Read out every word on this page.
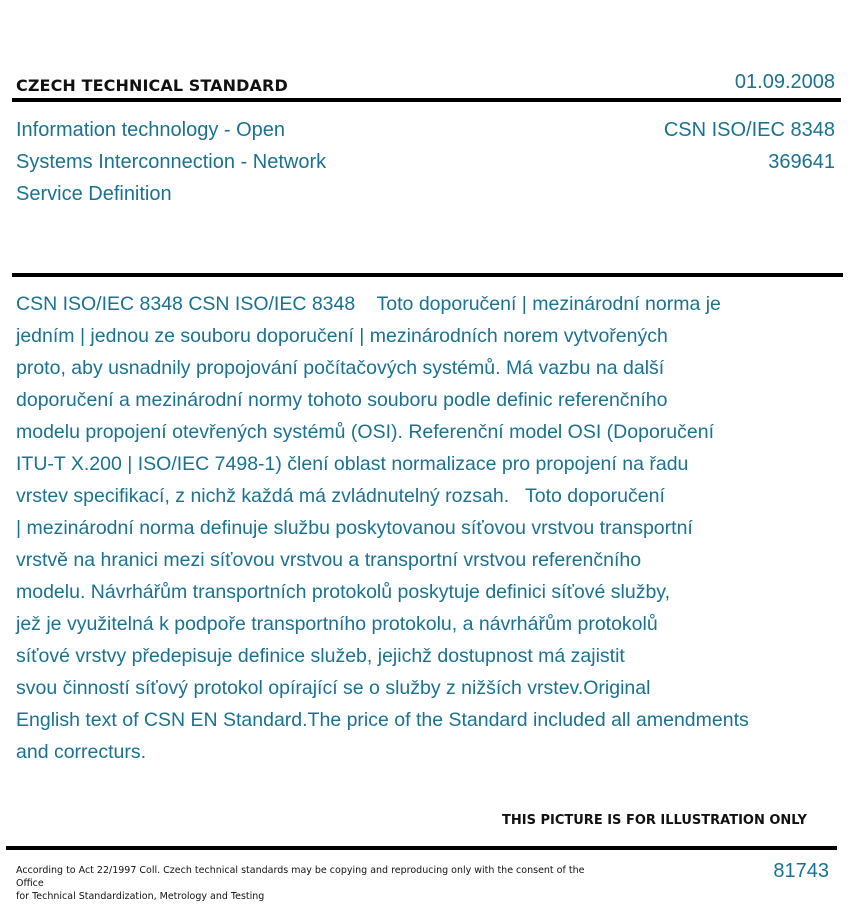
CZECH TECHNICAL STANDARD	01.09.2008
Information technology - Open
Systems Interconnection - Network
Service Definition
CSN ISO/IEC 8348
369641
CSN ISO/IEC 8348 CSN ISO/IEC 8348    Toto doporučení | mezinárodní norma je
jedním | jednou ze souboru doporučení | mezinárodních norem vytvořených
proto, aby usnadnily propojování počítačových systémů. Má vazbu na další
doporučení a mezinárodní normy tohoto souboru podle definic referenčního
modelu propojení otevřených systémů (OSI). Referenční model OSI (Doporučení
ITU-T X.200 | ISO/IEC 7498-1) člení oblast normalizace pro propojení na řadu
vrstev specifikací, z nichž každá má zvládnutelný rozsah.   Toto doporučení
| mezinárodní norma definuje službu poskytovanou síťovou vrstvou transportní
vrstvě na hranici mezi síťovou vrstvou a transportní vrstvou referenčního
modelu. Návrhářům transportních protokolů poskytuje definici síťové služby,
jež je využitelná k podpoře transportního protokolu, a návrhářům protokolů
síťové vrstvy předepisuje definice služeb, jejichž dostupnost má zajistit
svou činností síťový protokol opírající se o služby z nižších vrstev.Original
English text of CSN EN Standard.The price of the Standard included all amendments
and correcturs.
THIS PICTURE IS FOR ILLUSTRATION ONLY
According to Act 22/1997 Coll. Czech technical standards may be copying and reproducing only with the consent of the Office
for Technical Standardization, Metrology and Testing
81743
